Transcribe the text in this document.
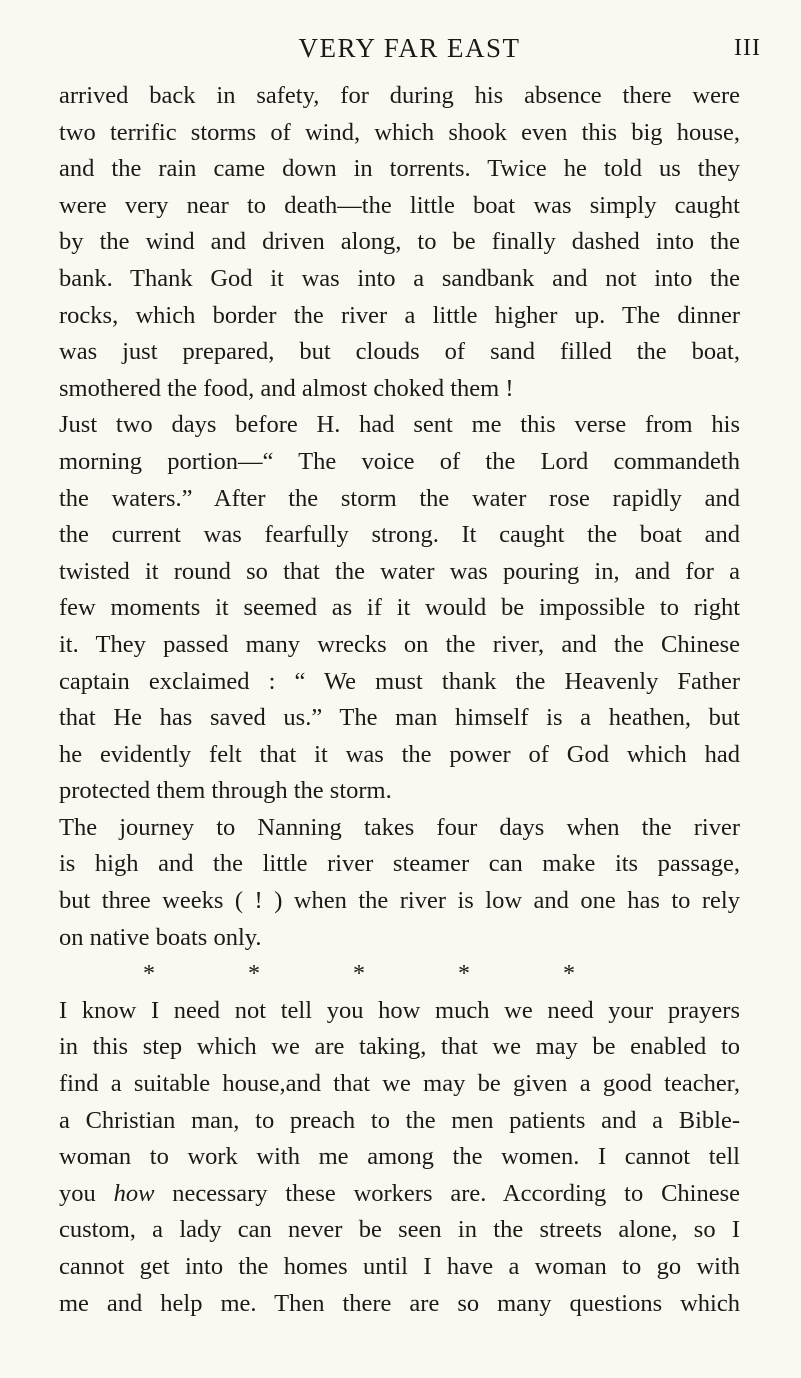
VERY FAR EAST	III
arrived back in safety, for during his absence there were
two terrific storms of wind, which shook even this big house,
and the rain came down in torrents. Twice he told us they
were very near to death—the little boat was simply caught
by the wind and driven along, to be finally dashed into the
bank. Thank God it was into a sandbank and not into the
rocks, which border the river a little higher up. The dinner
was just prepared, but clouds of sand filled the boat,
smothered the food, and almost choked them !
Just two days before H. had sent me this verse from his
morning portion—“ The voice of the Lord commandeth
the waters.” After the storm the water rose rapidly and
the current was fearfully strong. It caught the boat and
twisted it round so that the water was pouring in, and for a
few moments it seemed as if it would be impossible to right
it. They passed many wrecks on the river, and the Chinese
captain exclaimed : “ We must thank the Heavenly Father
that He has saved us.” The man himself is a heathen, but
he evidently felt that it was the power of God which had
protected them through the storm.
The journey to Nanning takes four days when the river
is high and the little river steamer can make its passage,
but three weeks ( ! ) when the river is low and one has to rely
on native boats only.
*	*	*	*	*
I know I need not tell you how much we need your prayers
in this step which we are taking, that we may be enabled to
find a suitable house,and that we may be given a good teacher,
a Christian man, to preach to the men patients and a Bible-
woman to work with me among the women. I cannot tell
you how necessary these workers are. According to Chinese
custom, a lady can never be seen in the streets alone, so I
cannot get into the homes until I have a woman to go with
me and help me. Then there are so many questions which
